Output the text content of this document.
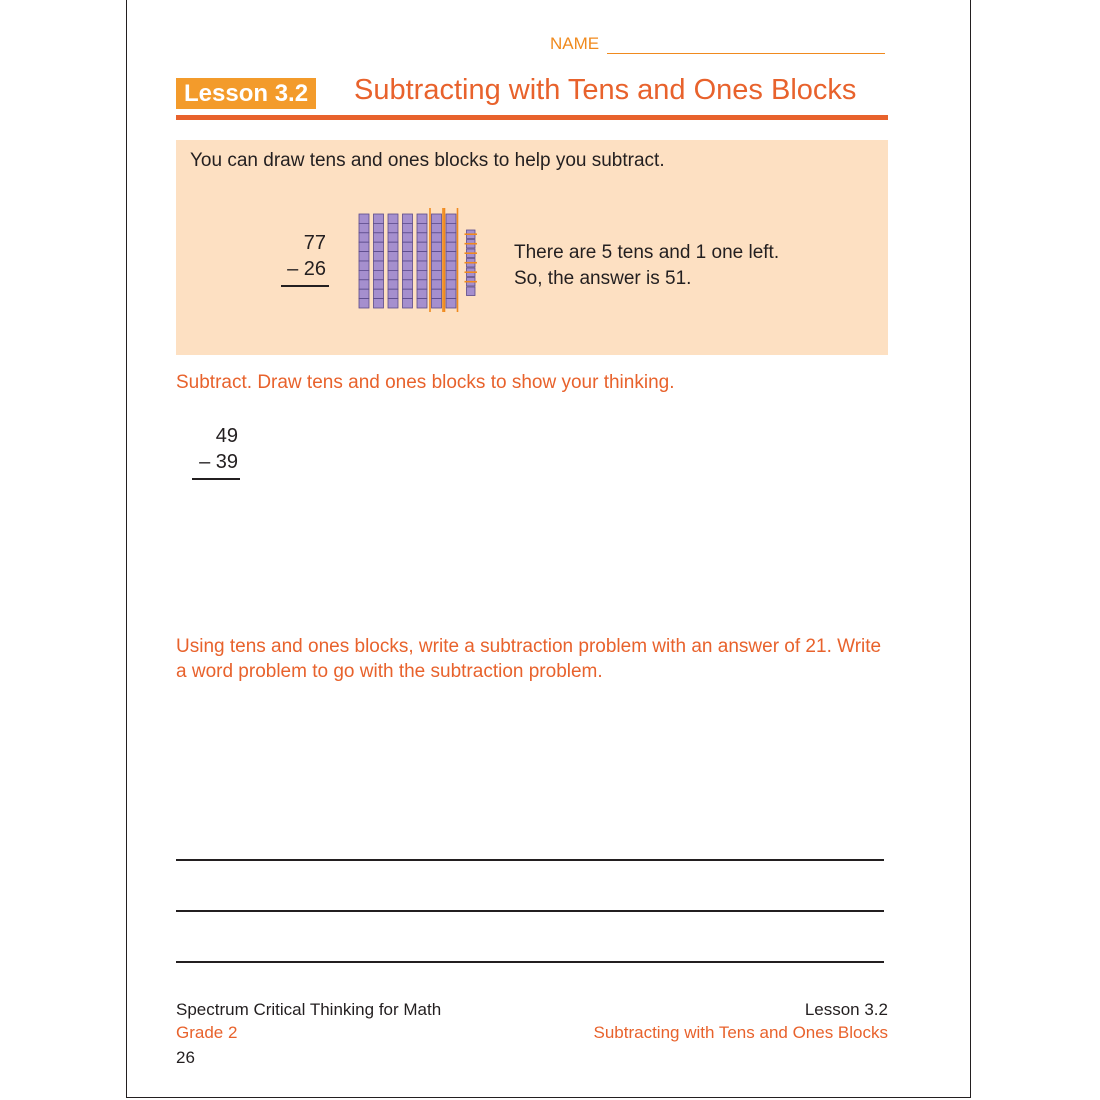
NAME
Lesson 3.2 Subtracting with Tens and Ones Blocks
You can draw tens and ones blocks to help you subtract.
77
– 26
There are 5 tens and 1 one left.
So, the answer is 51.
Subtract. Draw tens and ones blocks to show your thinking.
49
– 39
Using tens and ones blocks, write a subtraction problem with an answer of 21. Write
a word problem to go with the subtraction problem.
Spectrum Critical Thinking for Math
Grade 2
26
Lesson 3.2
Subtracting with Tens and Ones Blocks
